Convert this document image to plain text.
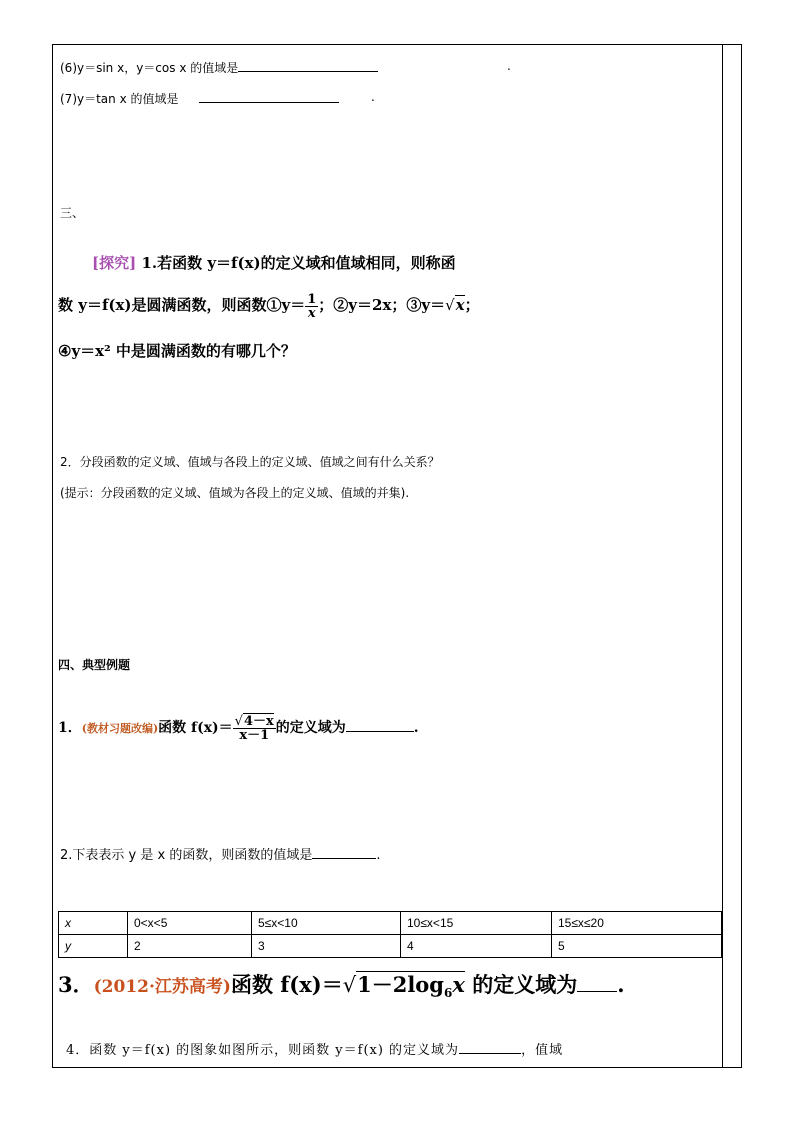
(6)y＝sin x，y＝cos x 的值域是	.
(7)y＝tan x 的值域是	.
三、
[探究] 1.若函数 y＝f(x)的定义域和值域相同，则称函
数 y＝f(x)是圆满函数，则函数①y＝ $\frac{1}{x}$ ；②y＝2x；③y＝√x；
④y＝x² 中是圆满函数的有哪几个？
2．分段函数的定义域、值域与各段上的定义域、值域之间有什么关系？
(提示：分段函数的定义域、值域为各段上的定义域、值域的并集).
四、典型例题
1．(教材习题改编)函数 $f(x)= \frac{√4-x}{x-1}$ 的定义域为	.
2.下表表示 y 是 x 的函数，则函数的值域是	.
x	0<x<5	5≤x<10	10≤x<15	15≤x≤20
y	2	3	4	5
3．(2012·江苏高考)函数 $f(x)=√1-2\log_6x$ 的定义域为 .
4．函数 y＝f(x) 的图象如图所示，则函数 y＝f(x) 的定义域为	，值域
